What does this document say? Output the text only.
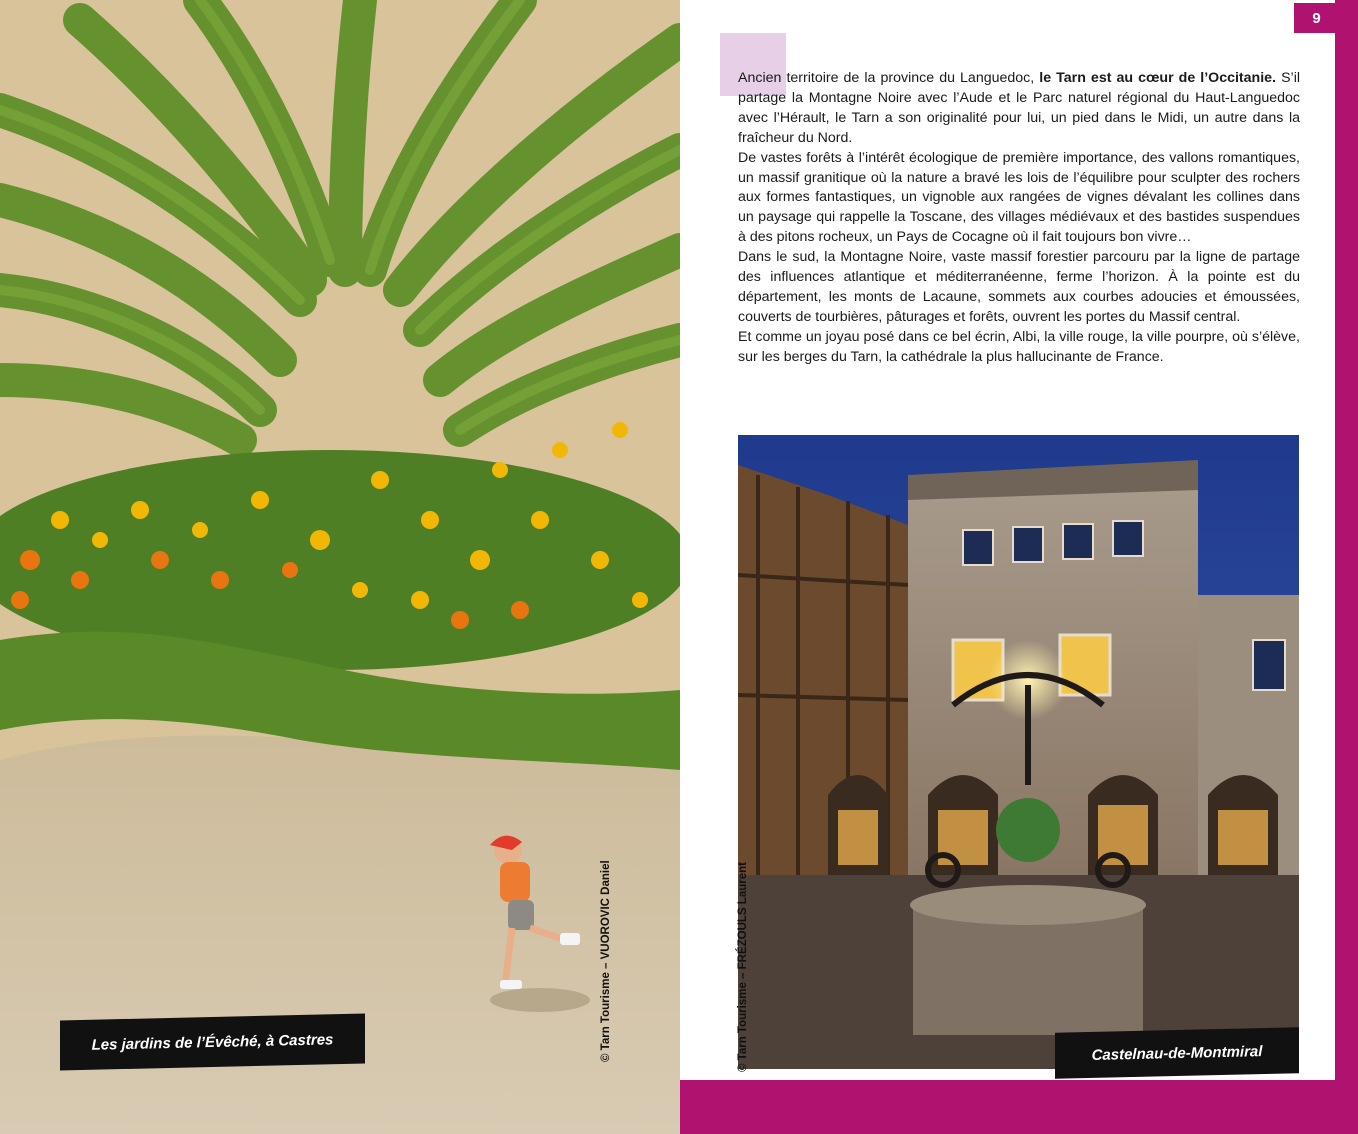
Les jardins de l’Évêché, à Castres	© Tarn Tourisme – VUOROVIC Daniel
9

Ancien territoire de la province du Languedoc, le Tarn est au cœur de l’Occitanie. S’il partage la Montagne Noire avec l’Aude et le Parc naturel régional du Haut-Languedoc avec l’Hérault, le Tarn a son originalité pour lui, un pied dans le Midi, un autre dans la fraîcheur du Nord.

De vastes forêts à l’intérêt écologique de première importance, des vallons romantiques, un massif granitique où la nature a bravé les lois de l’équilibre pour sculpter des rochers aux formes fantastiques, un vignoble aux rangées de vignes dévalant les collines dans un paysage qui rappelle la Toscane, des villages médiévaux et des bastides suspendues à des pitons rocheux, un Pays de Cocagne où il fait toujours bon vivre…

Dans le sud, la Montagne Noire, vaste massif forestier parcouru par la ligne de partage des influences atlantique et méditerranéenne, ferme l’horizon. À la pointe est du département, les monts de Lacaune, sommets aux courbes adoucies et émoussées, couverts de tourbières, pâturages et forêts, ouvrent les portes du Massif central.

Et comme un joyau posé dans ce bel écrin, Albi, la ville rouge, la ville pourpre, où s’élève, sur les berges du Tarn, la cathédrale la plus hallucinante de France.

Castelnau-de-Montmiral
© Tarn Tourisme – FRÉZOULS Laurent
